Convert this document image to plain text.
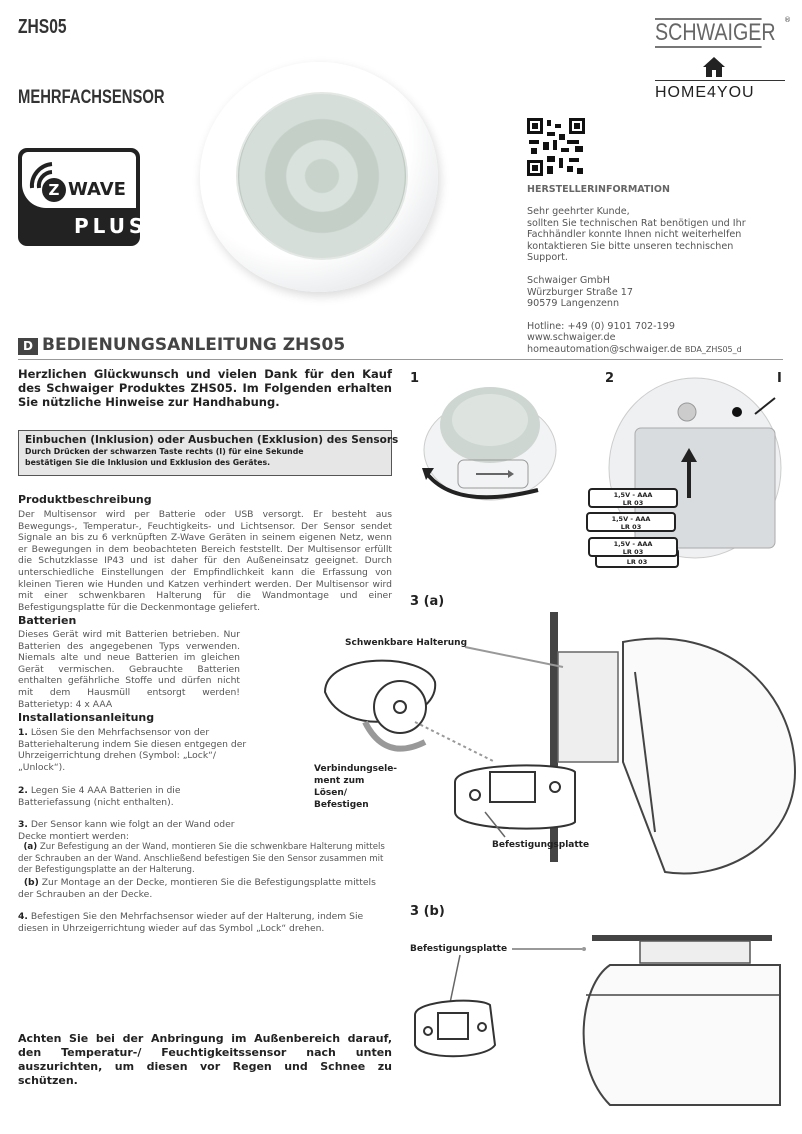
ZHS05
MEHRFACHSENSOR
SCHWAIGER ®
HOME4YOU
Z WAVE
PLUS
HERSTELLERINFORMATION
Sehr geehrter Kunde,
sollten Sie technischen Rat benötigen und Ihr
Fachhändler konnte Ihnen nicht weiterhelfen
kontaktieren Sie bitte unseren technischen
Support.
Schwaiger GmbH
Würzburger Straße 17
90579 Langenzenn
Hotline: +49 (0) 9101 702-199
www.schwaiger.de
homeautomation@schwaiger.de BDA_ZHS05_d
D BEDIENUNGSANLEITUNG ZHS05
Herzlichen Glückwunsch und vielen Dank für den Kauf des Schwaiger Produktes ZHS05. Im Folgenden erhalten Sie nützliche Hinweise zur Handhabung.
Einbuchen (Inklusion) oder Ausbuchen (Exklusion) des Sensors
Durch Drücken der schwarzen Taste rechts (I) für eine Sekunde
bestätigen Sie die Inklusion und Exklusion des Gerätes.
Produktbeschreibung
Der Multisensor wird per Batterie oder USB versorgt. Er besteht aus Bewegungs-, Temperatur-, Feuchtigkeits- und Lichtsensor. Der Sensor sendet Signale an bis zu 6 verknüpften Z-Wave Geräten in seinem eigenen Netz, wenn er Bewegungen in dem beobachteten Bereich feststellt. Der Multisensor erfüllt die Schutzklasse IP43 und ist daher für den Außeneinsatz geeignet. Durch unterschiedliche Einstellungen der Empfindlichkeit kann die Erfassung von kleinen Tieren wie Hunden und Katzen verhindert werden. Der Multisensor wird mit einer schwenkbaren Halterung für die Wandmontage und einer Befestigungsplatte für die Deckenmontage geliefert.
Batterien
Dieses Gerät wird mit Batterien betrieben. Nur Batterien des angegebenen Typs verwenden. Niemals alte und neue Batterien im gleichen Gerät vermischen. Gebrauchte Batterien enthalten gefährliche Stoffe und dürfen nicht mit dem Hausmüll entsorgt werden! Batterietyp: 4 x AAA
Installationsanleitung
1. Lösen Sie den Mehrfachsensor von der Batteriehalterung indem Sie diesen entgegen der Uhrzeigerrichtung drehen (Symbol: „Lock“/ „Unlock“).
2. Legen Sie 4 AAA Batterien in die Batteriefassung (nicht enthalten).
3. Der Sensor kann wie folgt an der Wand oder Decke montiert werden:
(a) Zur Befestigung an der Wand, montieren Sie die schwenkbare Halterung mittels der Schrauben an der Wand. Anschließend befestigen Sie den Sensor zusammen mit der Befestigungsplatte an der Halterung.
(b) Zur Montage an der Decke, montieren Sie die Befestigungsplatte mittels der Schrauben an der Decke.
4. Befestigen Sie den Mehrfachsensor wieder auf der Halterung, indem Sie diesen in Uhrzeigerrichtung wieder auf das Symbol „Lock“ drehen.
Achten Sie bei der Anbringung im Außenbereich darauf, den Temperatur-/ Feuchtigkeitssensor nach unten auszurichten, um diesen vor Regen und Schnee zu schützen.
1	2	I
1,5V - AAA
LR 03
1,5V - AAA
LR 03
LR 03
1,5V - AAA
LR 03
3 (a)
Schwenkbare Halterung
Verbindungsele- ment zum Lösen/ Befestigen
Befestigungsplatte
3 (b)
Befestigungsplatte
